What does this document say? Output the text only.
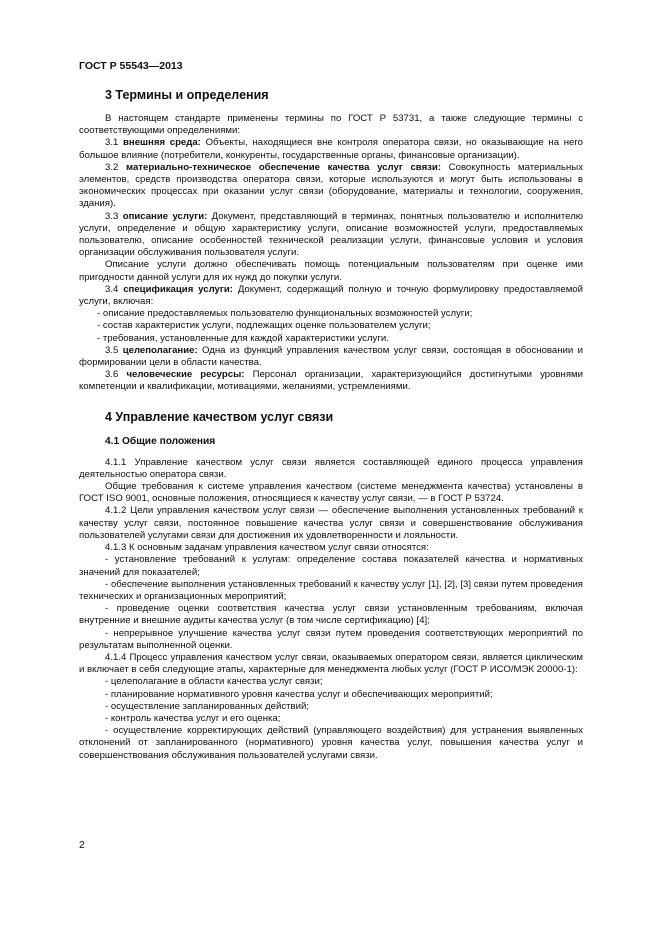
ГОСТ Р 55543—2013
3 Термины и определения

В настоящем стандарте применены термины по ГОСТ Р 53731, а также следующие термины с соответствующими определениями:

3.1 внешняя среда: Объекты, находящиеся вне контроля оператора связи, но оказывающие на него большое влияние (потребители, конкуренты, государственные органы, финансовые организации).

3.2 материально-техническое обеспечение качества услуг связи: Совокупность материальных элементов, средств производства оператора связи, которые используются и могут быть использованы в экономических процессах при оказании услуг связи (оборудование, материалы и технологии, сооружения, здания).

3.3 описание услуги: Документ, представляющий в терминах, понятных пользователю и исполнителю услуги, определение и общую характеристику услуги, описание возможностей услуги, предоставляемых пользователю, описание особенностей технической реализации услуги, финансовые условия и условия организации обслуживания пользователя услуги.

Описание услуги должно обеспечивать помощь потенциальным пользователям при оценке ими пригодности данной услуги для их нужд до покупки услуги.

3.4 спецификация услуги: Документ, содержащий полную и точную формулировку предоставляемой услуги, включая:

- описание предоставляемых пользователю функциональных возможностей услуги;

- состав характеристик услуги, подлежащих оценке пользователем услуги;

- требования, установленные для каждой характеристики услуги.

3.5 целеполагание: Одна из функций управления качеством услуг связи, состоящая в обосновании и формировании цели в области качества.

3.6 человеческие ресурсы: Персонал организации, характеризующийся достигнутыми уровнями компетенции и квалификации, мотивациями, желаниями, устремлениями.

4 Управление качеством услуг связи
4.1 Общие положения

4.1.1 Управление качеством услуг связи является составляющей единого процесса управления деятельностью оператора связи.

Общие требования к системе управления качеством (системе менеджмента качества) установлены в ГОСТ ISO 9001, основные положения, относящиеся к качеству услуг связи, — в ГОСТ Р 53724.

4.1.2 Цели управления качеством услуг связи — обеспечение выполнения установленных требований к качеству услуг связи, постоянное повышение качества услуг связи и совершенствование обслуживания пользователей услугами связи для достижения их удовлетворенности и лояльности.

4.1.3 К основным задачам управления качеством услуг связи относятся:

- установление требований к услугам: определение состава показателей качества и нормативных значений для показателей;

- обеспечение выполнения установленных требований к качеству услуг [1], [2], [3] связи путем проведения технических и организационных мероприятий;

- проведение оценки соответствия качества услуг связи установленным требованиям, включая внутренние и внешние аудиты качества услуг (в том числе сертификацию) [4];

- непрерывное улучшение качества услуг связи путем проведения соответствующих мероприятий по результатам выполненной оценки.

4.1.4 Процесс управления качеством услуг связи, оказываемых оператором связи, является циклическим и включает в себя следующие этапы, характерные для менеджмента любых услуг (ГОСТ Р ИСО/МЭК 20000-1):

- целеполагание в области качества услуг связи;

- планирование нормативного уровня качества услуг и обеспечивающих мероприятий;

- осуществление запланированных действий;

- контроль качества услуг и его оценка;

- осуществление корректирующих действий (управляющего воздействия) для устранения выявленных отклонений от запланированного (нормативного) уровня качества услуг, повышения качества услуг и совершенствования обслуживания пользователей услугами связи.

2
